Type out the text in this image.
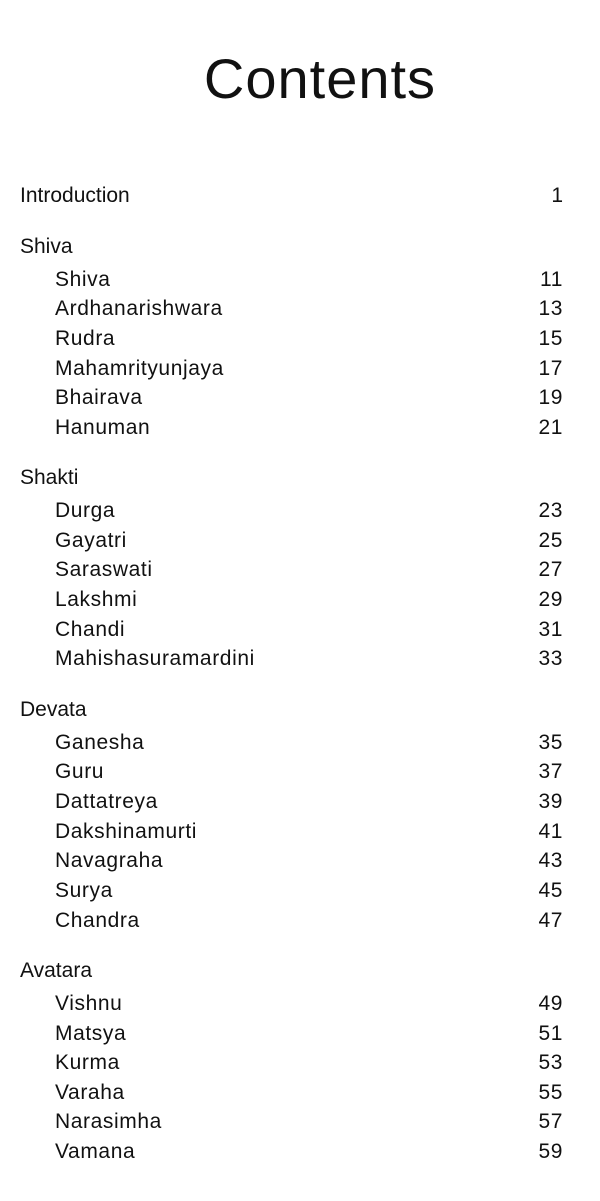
Contents
Introduction	1
Shiva
Shiva	11
Ardhanarishwara	13
Rudra	15
Mahamrityunjaya	17
Bhairava	19
Hanuman	21
Shakti
Durga	23
Gayatri	25
Saraswati	27
Lakshmi	29
Chandi	31
Mahishasuramardini	33
Devata
Ganesha	35
Guru	37
Dattatreya	39
Dakshinamurti	41
Navagraha	43
Surya	45
Chandra	47
Avatara
Vishnu	49
Matsya	51
Kurma	53
Varaha	55
Narasimha	57
Vamana	59
